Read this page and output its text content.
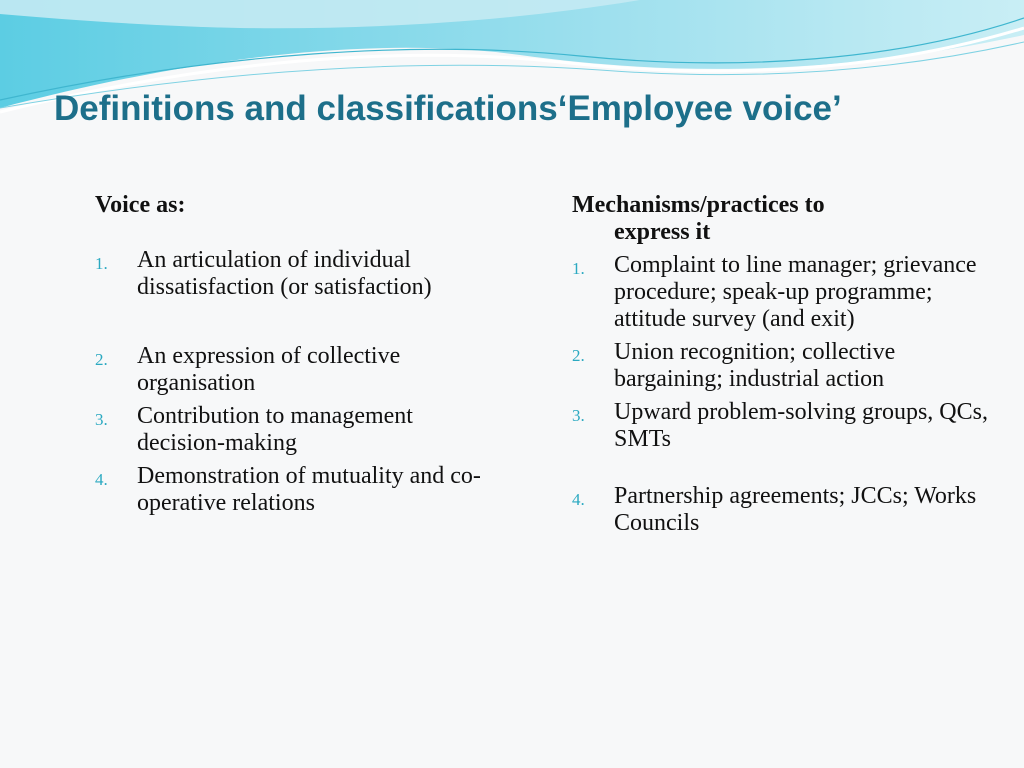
Definitions and classifications‘Employee voice’
Voice as:
1. An articulation of individual dissatisfaction (or satisfaction)
2. An expression of collective organisation
3. Contribution to management decision-making
4. Demonstration of mutuality and co-operative relations
Mechanisms/practices to
express it
1. Complaint to line manager; grievance procedure; speak-up programme; attitude survey (and exit)
2. Union recognition; collective bargaining; industrial action
3. Upward problem-solving groups, QCs, SMTs
4. Partnership agreements; JCCs; Works Councils
